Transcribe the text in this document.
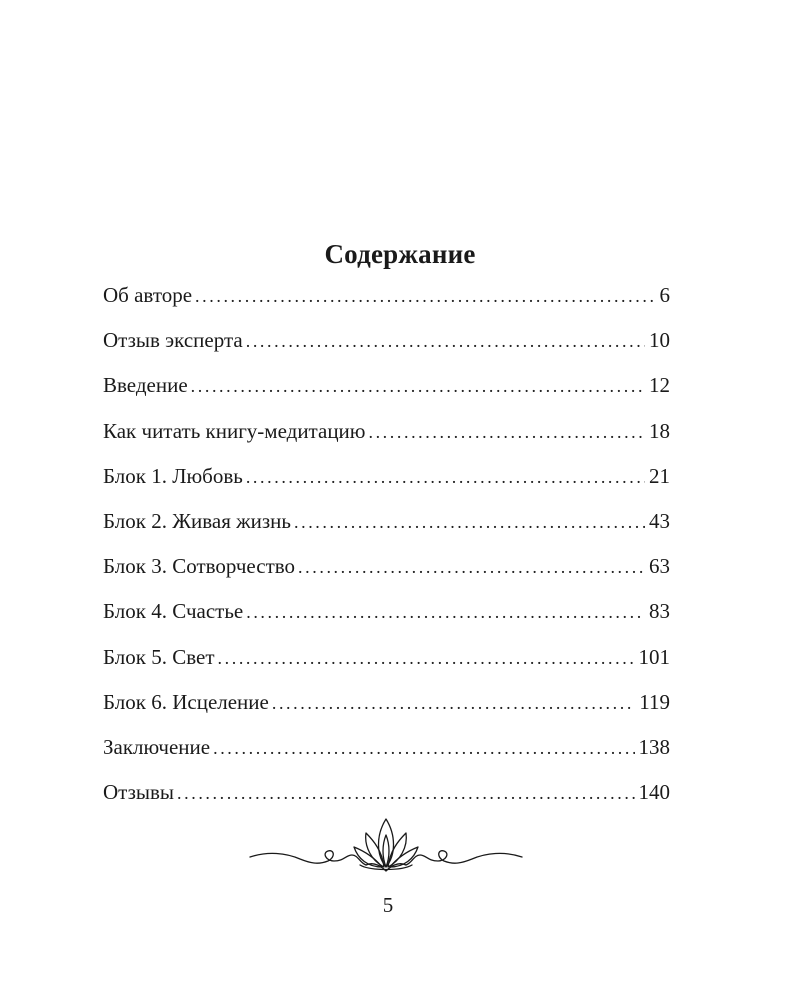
Содержание
Об авторе .....	6
Отзыв эксперта .....	10
Введение .....	12
Как читать книгу-медитацию .....	18
Блок 1. Любовь .....	21
Блок 2. Живая жизнь .....	43
Блок 3. Сотворчество .....	63
Блок 4. Счастье .....	83
Блок 5. Свет .....	101
Блок 6. Исцеление .....	119
Заключение .....	138
Отзывы .....	140
5
